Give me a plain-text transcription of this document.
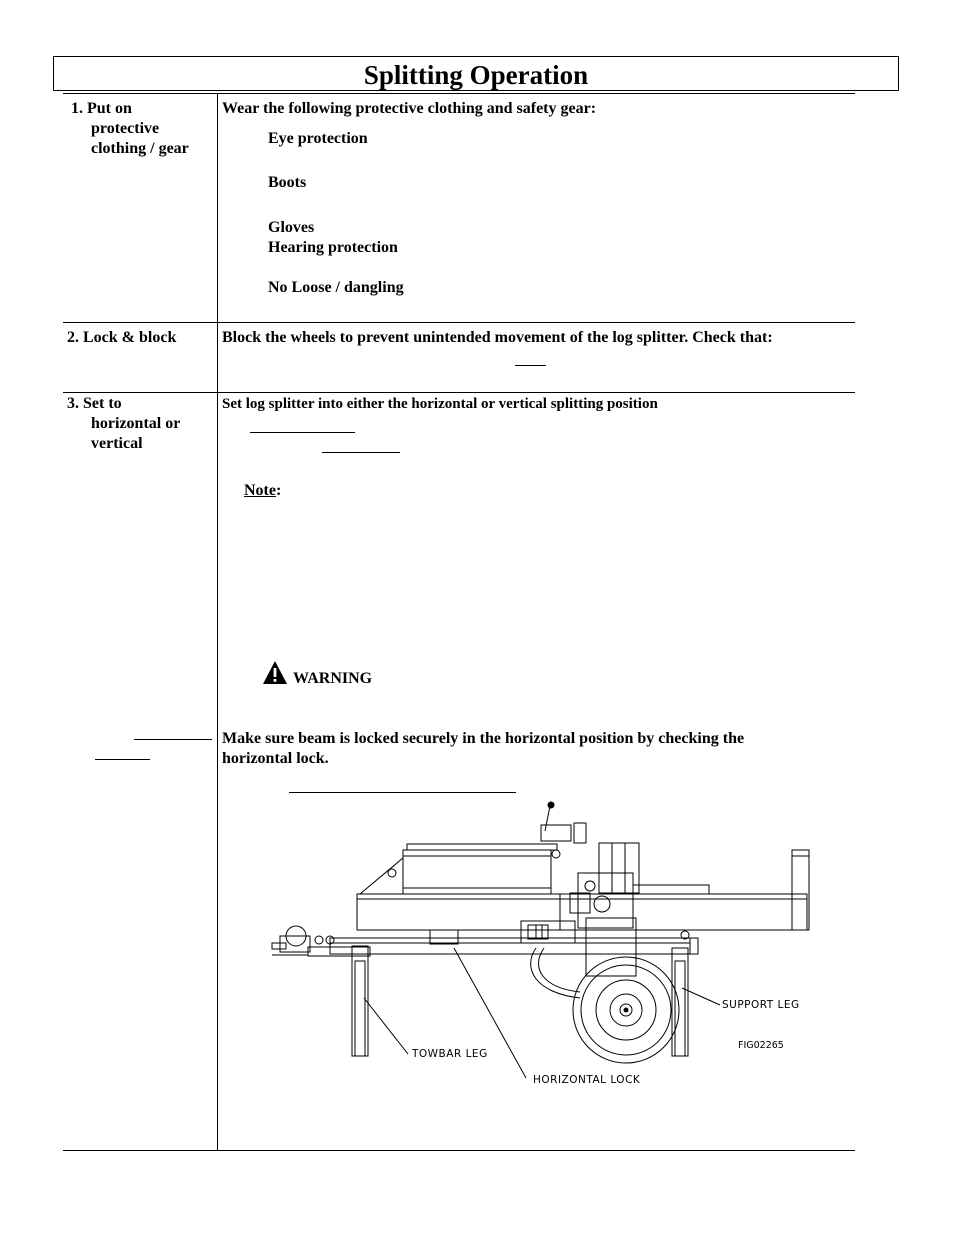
Splitting Operation
1. Put on
protective
clothing / gear
Wear the following protective clothing and safety gear:
Eye protection
Boots
Gloves
Hearing protection
No Loose / dangling
2. Lock & block	Block the wheels to prevent unintended movement of the log splitter. Check that:
3. Set to
horizontal or
vertical
Set log splitter into either the horizontal or vertical splitting position
Note:
WARNING
Make sure beam is locked securely in the horizontal position by checking the
horizontal lock.
SUPPORT LEG
TOWBAR LEG
HORIZONTAL LOCK
FIG02265
